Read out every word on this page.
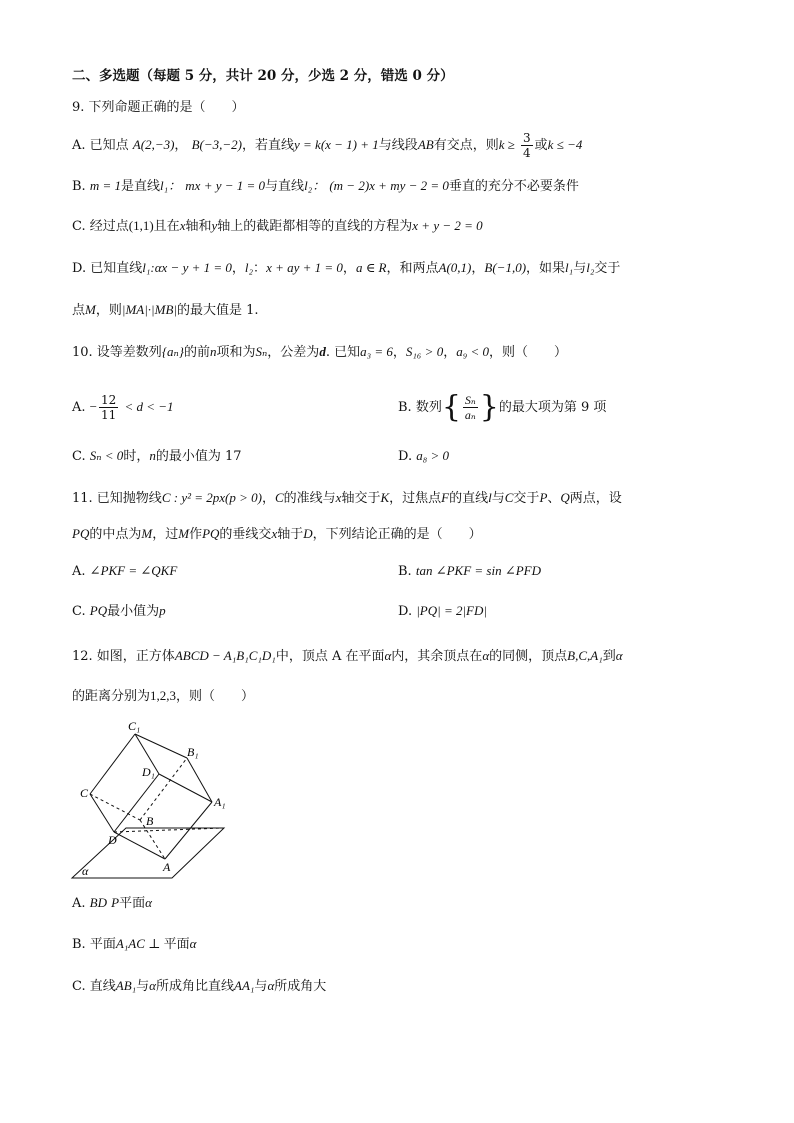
二、多选题（每题 5 分，共计 20 分，少选 2 分，错选 0 分）
9. 下列命题正确的是（　　）
A. 已知点 A(2,−3)， B(−3,−2)，若直线y = k(x − 1) + 1与线段AB有交点，则$k \ge \frac{3}{4}$ 或k ≤ −4
B. m = 1是直线l₁： mx + y − 1 = 0与直线l₂： (m − 2)x + my − 2 = 0垂直的充分不必要条件
C. 经过点(1,1)且在x轴和y轴上的截距都相等的直线的方程为x + y − 2 = 0
D. 已知直线l₁:αx − y + 1 = 0，l₂：x + ay + 1 = 0，a ∈ R，和两点A(0,1)，B(−1,0)，如果l₁与l₂交于
点M，则|MA|·|MB|的最大值是 1.
10. 设等差数列{aₙ}的前n项和为Sₙ，公差为d. 已知a₃ = 6，S₁₆ > 0，a₉ < 0，则（　　）
A. − $\frac{12}{11} < d < -1$	B. 数列{ $\frac{\text{Sₙ}}{\text{aₙ}}$ }的最大项为第 9 项
C. Sₙ < 0时，n的最小值为 17	D. a₈ > 0
11. 已知抛物线C : y² = 2px(p > 0)，C的准线与x轴交于K，过焦点F的直线l与C交于P、Q两点，设
PQ的中点为M，过M作PQ的垂线交x轴于D，下列结论正确的是（　　）
A. ∠PKF = ∠QKF	B. tan ∠PKF = sin ∠PFD
C. PQ最小值为p	D. |PQ| = 2|FD|
12. 如图，正方体ABCD − A₁B₁C₁D₁中，顶点 A 在平面α内，其余顶点在α的同侧，顶点B,C,A₁到α
的距离分别为1,2,3，则（　　）
C₁
B₁
D₁
C
A₁
B
D
A
α
A. BD P平面α
B. 平面A₁AC ⊥ 平面α
C. 直线AB₁与α所成角比直线AA₁与α所成角大
